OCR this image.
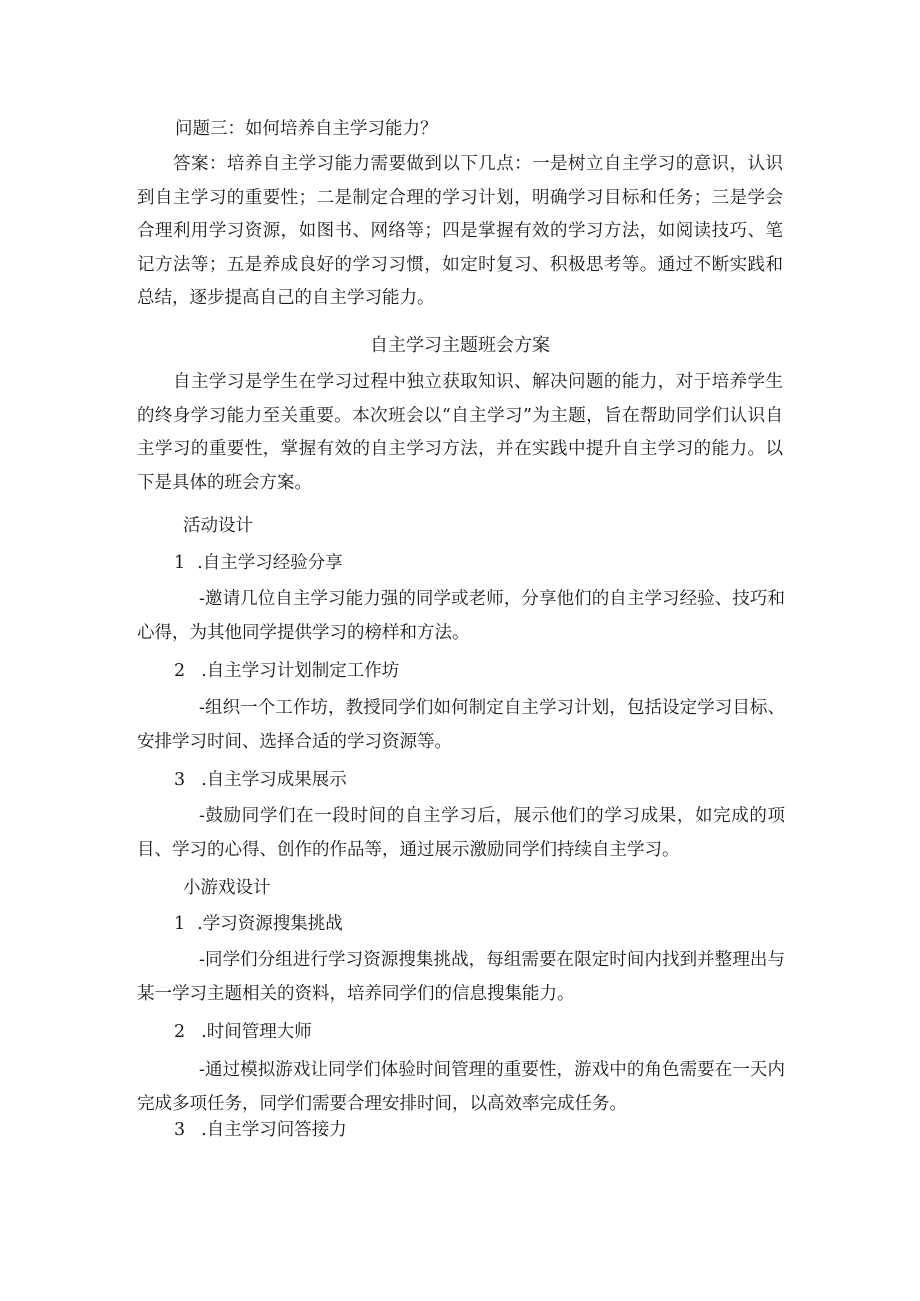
问题三：如何培养自主学习能力？

答案：培养自主学习能力需要做到以下几点：一是树立自主学习的意识，认识到自主学习的重要性；二是制定合理的学习计划，明确学习目标和任务；三是学会合理利用学习资源，如图书、网络等；四是掌握有效的学习方法，如阅读技巧、笔记方法等；五是养成良好的学习习惯，如定时复习、积极思考等。通过不断实践和总结，逐步提高自己的自主学习能力。

自主学习主题班会方案

自主学习是学生在学习过程中独立获取知识、解决问题的能力，对于培养学生的终身学习能力至关重要。本次班会以“自主学习”为主题，旨在帮助同学们认识自主学习的重要性，掌握有效的自主学习方法，并在实践中提升自主学习的能力。以下是具体的班会方案。

活动设计

1 .自主学习经验分享

-邀请几位自主学习能力强的同学或老师，分享他们的自主学习经验、技巧和心得，为其他同学提供学习的榜样和方法。

2 .自主学习计划制定工作坊

-组织一个工作坊，教授同学们如何制定自主学习计划，包括设定学习目标、安排学习时间、选择合适的学习资源等。

3 .自主学习成果展示

-鼓励同学们在一段时间的自主学习后，展示他们的学习成果，如完成的项目、学习的心得、创作的作品等，通过展示激励同学们持续自主学习。

小游戏设计

1 .学习资源搜集挑战

-同学们分组进行学习资源搜集挑战，每组需要在限定时间内找到并整理出与某一学习主题相关的资料，培养同学们的信息搜集能力。

2 .时间管理大师

-通过模拟游戏让同学们体验时间管理的重要性，游戏中的角色需要在一天内完成多项任务，同学们需要合理安排时间，以高效率完成任务。

3 .自主学习问答接力
